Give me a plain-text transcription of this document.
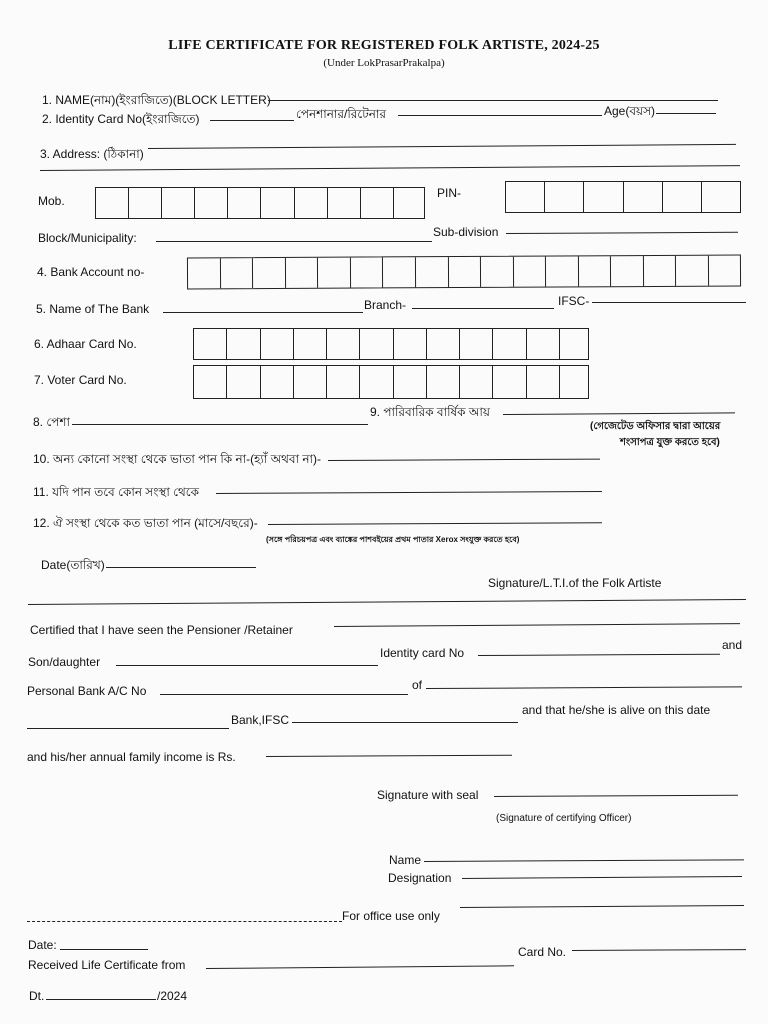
LIFE CERTIFICATE FOR REGISTERED FOLK ARTISTE, 2024-25
(Under LokPrasarPrakalpa)
1. NAME(নাম)(ইংরাজিতে)(BLOCK LETTER)
2. Identity Card No(ইংরাজিতে)	পেনশানার/রিটেনার	Age(বয়স)
3. Address: (ঠিকানা)
Mob.
PIN-
Block/Municipality:	Sub-division
4. Bank Account no-
5. Name of The Bank	Branch-	IFSC-
6. Adhaar Card No.
7. Voter Card No.
8. পেশা
9. পারিবারিক বার্ষিক আয়
(গেজেটেড অফিসার দ্বারা আয়ের
শংসাপত্র যুক্ত করতে হবে)
10. অন্য কোনো সংস্থা থেকে ভাতা পান কি না-(হ্যাঁ অথবা না)-
11. যদি পান তবে কোন সংস্থা থেকে
12. ঐ সংস্থা থেকে কত ভাতা পান (মাসে/বছরে)-
(সঙ্গে পরিচয়পত্র এবং ব্যাঙ্কের পাশবইয়ের প্রথম পাতার Xerox সংযুক্ত করতে হবে)
Date(তারিখ)
Signature/L.T.I.of the Folk Artiste
Certified that I have seen the Pensioner /Retainer
Son/daughter
Identity card No
and
Personal Bank A/C No	of
Bank,IFSC
and that he/she is alive on this date
and his/her annual family income is Rs.
Signature with seal
(Signature of certifying Officer)
Name
Designation
For office use only
Date:	Card No.
Received Life Certificate from
Dt.	/2024
